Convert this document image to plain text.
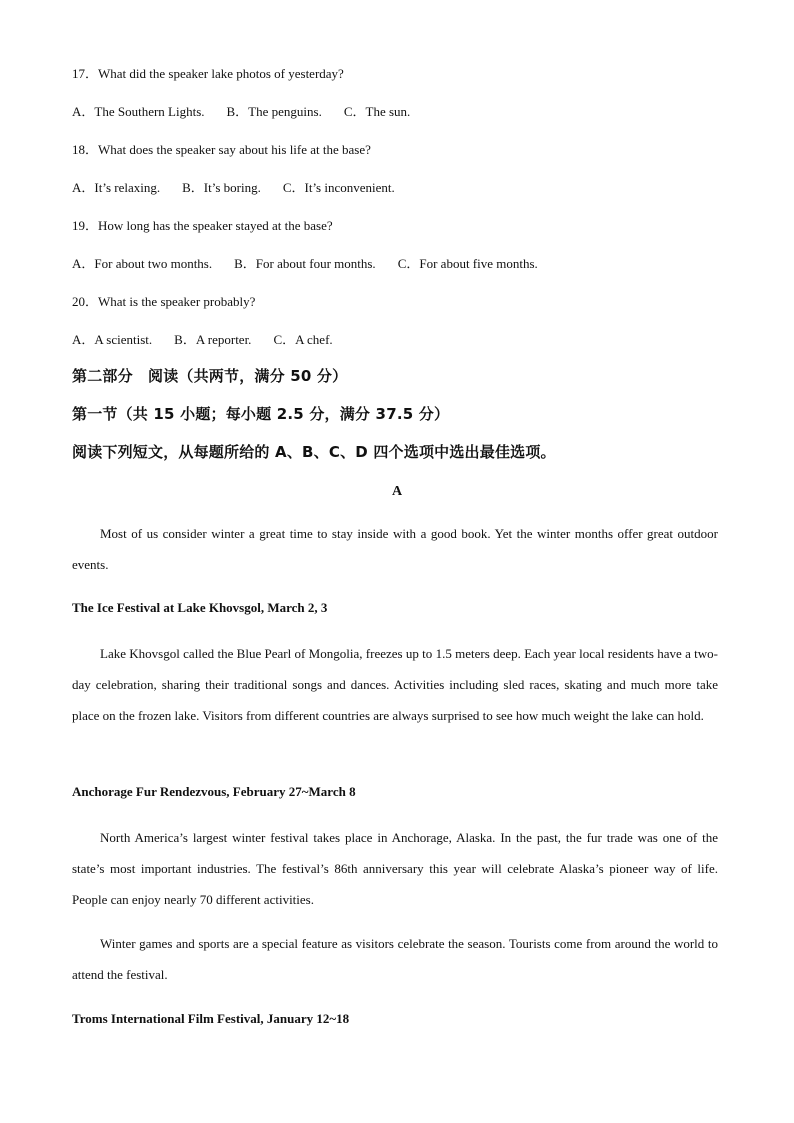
17．What did the speaker lake photos of yesterday?
A．The Southern Lights. B．The penguins. C．The sun.
18．What does the speaker say about his life at the base?
A．It’s relaxing. B．It’s boring. C．It’s inconvenient.
19．How long has the speaker stayed at the base?
A．For about two months. B．For about four months. C．For about five months.
20．What is the speaker probably?
A．A scientist. B．A reporter. C．A chef.
第二部分　阅读（共两节，满分 50 分）
第一节（共 15 小题；每小题 2.5 分，满分 37.5 分）
阅读下列短文，从每题所给的 A、B、C、D 四个选项中选出最佳选项。
A
Most of us consider winter a great time to stay inside with a good book. Yet the winter months offer great outdoor events.
The Ice Festival at Lake Khovsgol, March 2, 3
Lake Khovsgol called the Blue Pearl of Mongolia, freezes up to 1.5 meters deep. Each year local residents have a two-day celebration, sharing their traditional songs and dances. Activities including sled races, skating and much more take place on the frozen lake. Visitors from different countries are always surprised to see how much weight the lake can hold.
Anchorage Fur Rendezvous, February 27~March 8
North America’s largest winter festival takes place in Anchorage, Alaska. In the past, the fur trade was one of the state’s most important industries. The festival’s 86th anniversary this year will celebrate Alaska’s pioneer way of life. People can enjoy nearly 70 different activities.
Winter games and sports are a special feature as visitors celebrate the season. Tourists come from around the world to attend the festival.
Troms International Film Festival, January 12~18
